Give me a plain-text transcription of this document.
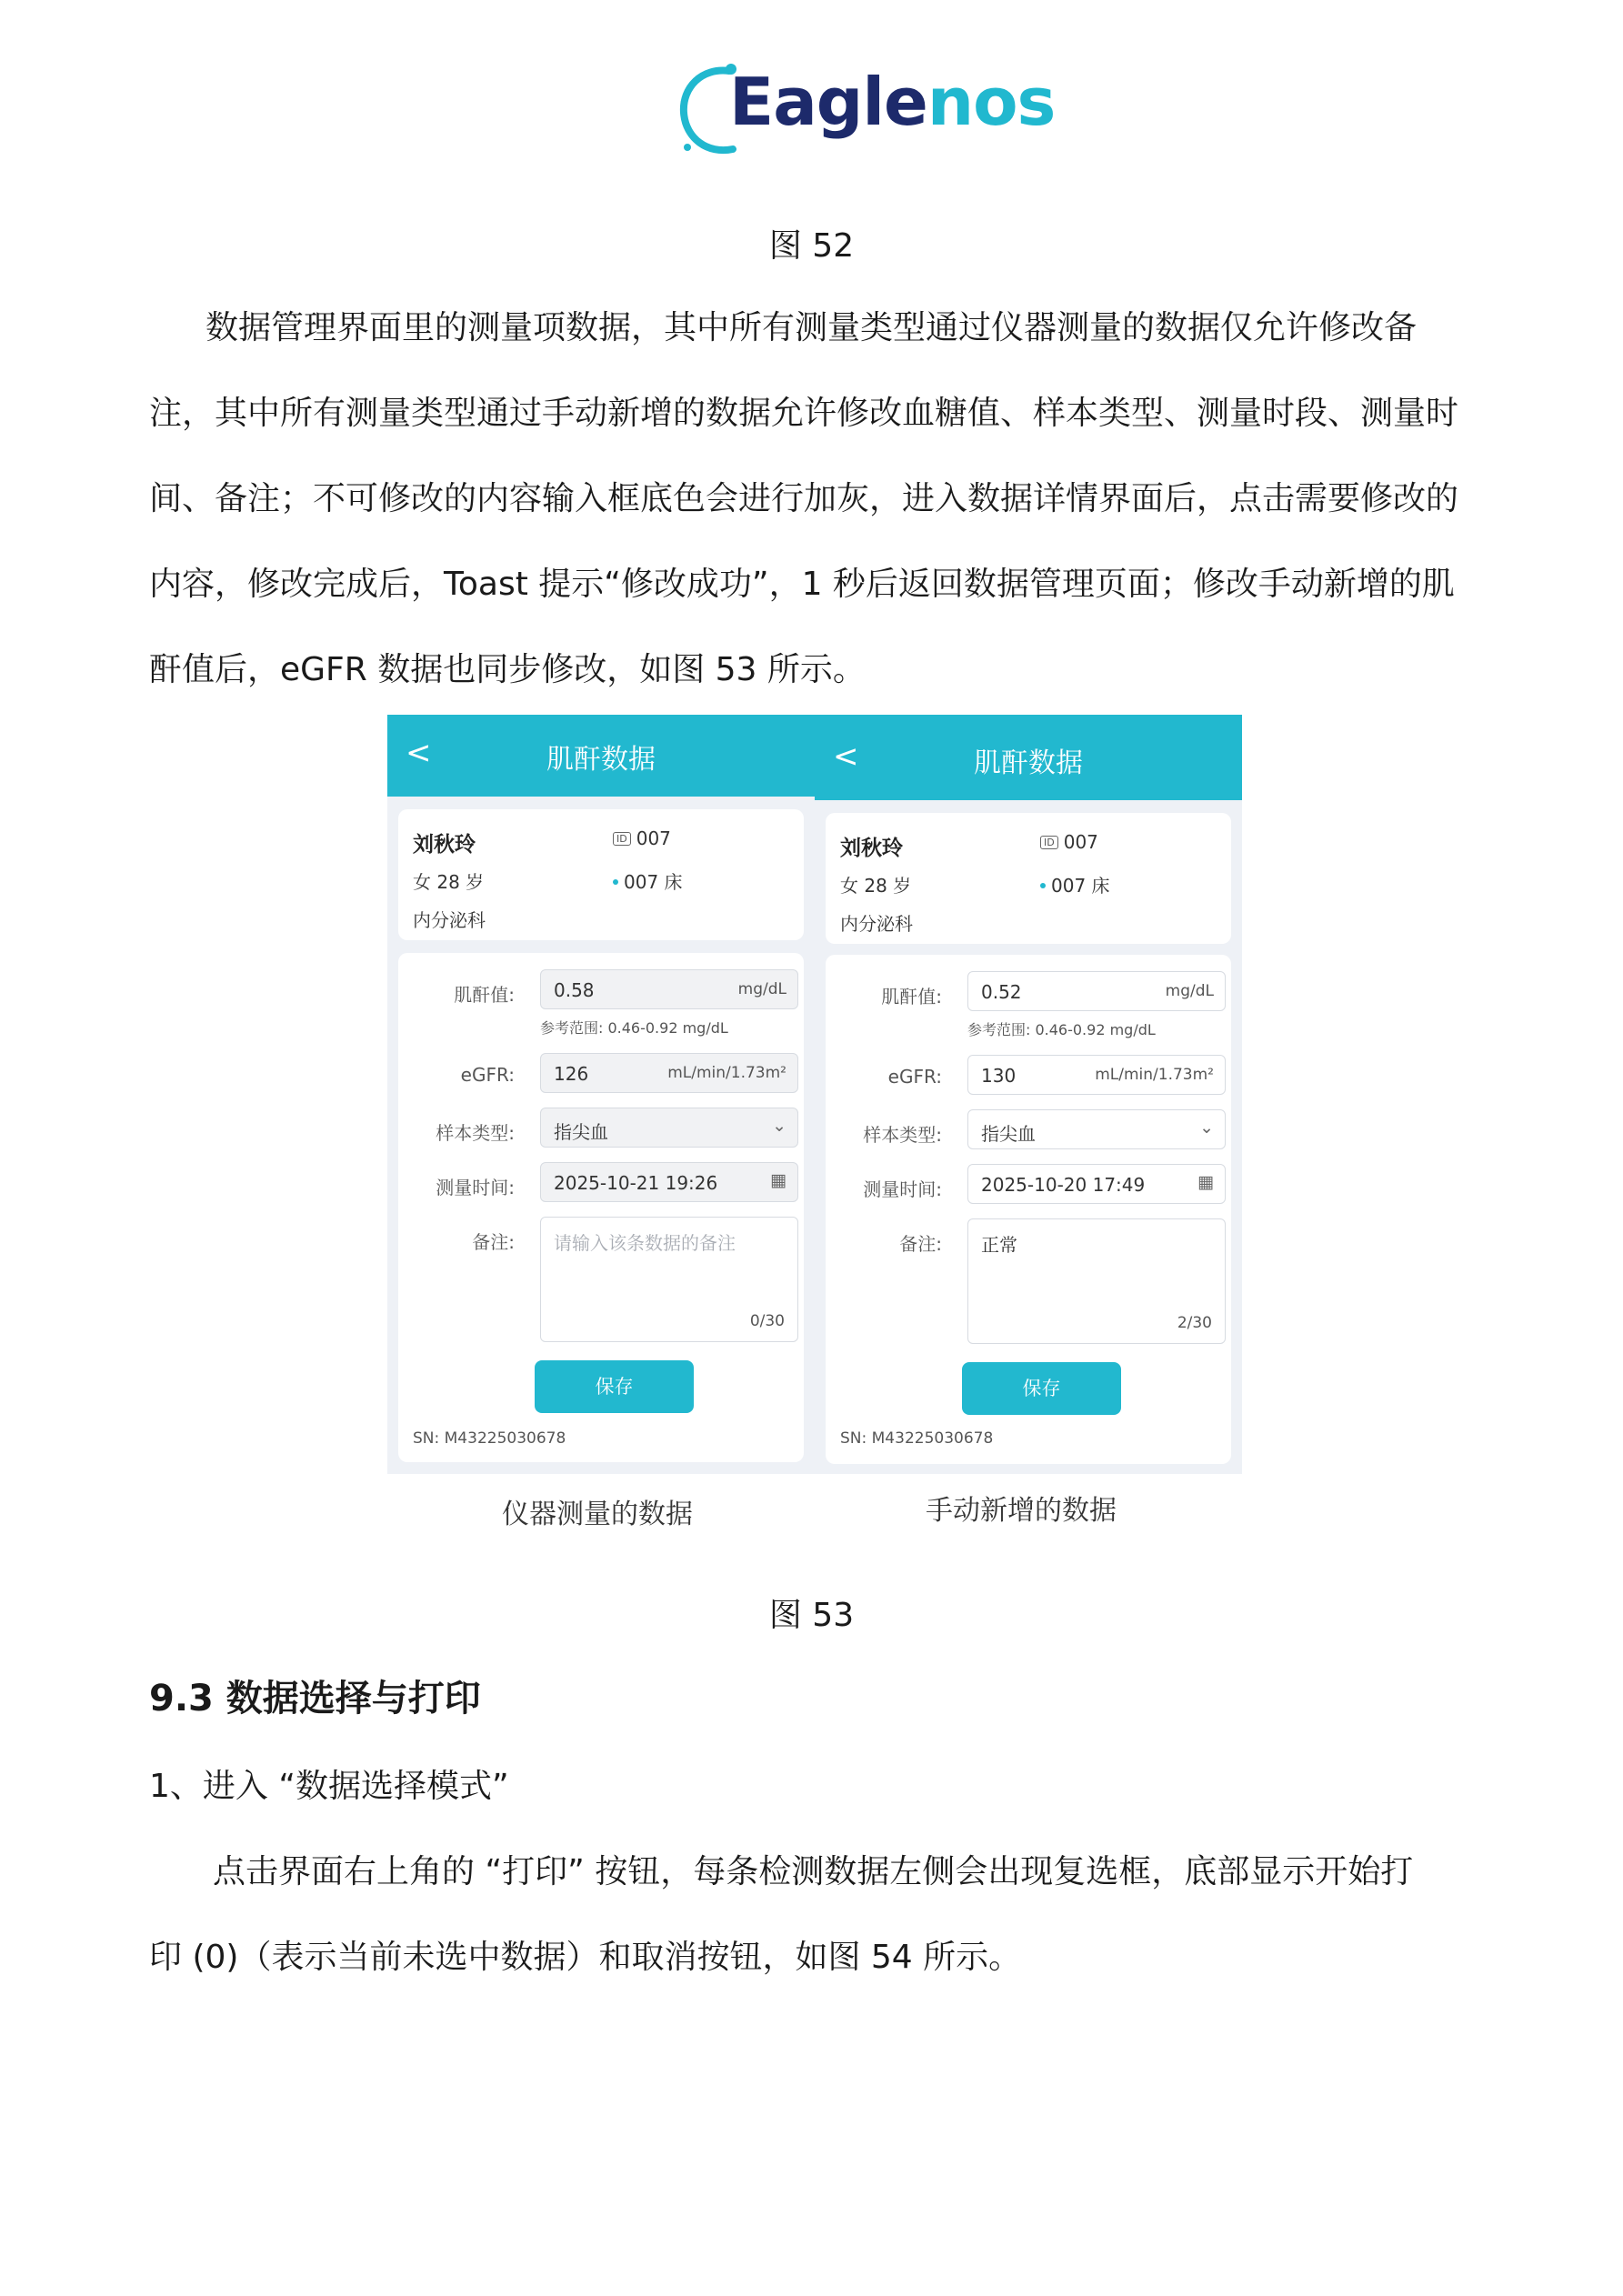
Eaglenos
图 52
数据管理界面里的测量项数据，其中所有测量类型通过仪器测量的数据仅允许修改备
注，其中所有测量类型通过手动新增的数据允许修改血糖值、样本类型、测量时段、测量时
间、备注；不可修改的内容输入框底色会进行加灰，进入数据详情界面后，点击需要修改的
内容，修改完成后，Toast 提示“修改成功”，1 秒后返回数据管理页面；修改手动新增的肌
酐值后，eGFR 数据也同步修改，如图 53 所示。
<	肌酐数据
刘秋玲	ID 007
女 28 岁	007 床
内分泌科
肌酐值: 0.58	mg/dL
参考范围: 0.46-0.92 mg/dL
eGFR: 126	mL/min/1.73m²
样本类型: 指尖血	⌄
测量时间: 2025-10-21 19:26	▦
备注: 请输入该条数据的备注
0/30
保存
SN: M43225030678
<	肌酐数据
刘秋玲	ID 007
女 28 岁	007 床
内分泌科
肌酐值: 0.52	mg/dL
参考范围: 0.46-0.92 mg/dL
eGFR: 130	mL/min/1.73m²
样本类型: 指尖血	⌄
测量时间: 2025-10-20 17:49	▦
备注: 正常
2/30
保存
SN: M43225030678
仪器测量的数据	手动新增的数据
图 53
9.3 数据选择与打印
1、进入 “数据选择模式”
点击界面右上角的 “打印” 按钮，每条检测数据左侧会出现复选框，底部显示开始打
印 (0)（表示当前未选中数据）和取消按钮，如图 54 所示。
